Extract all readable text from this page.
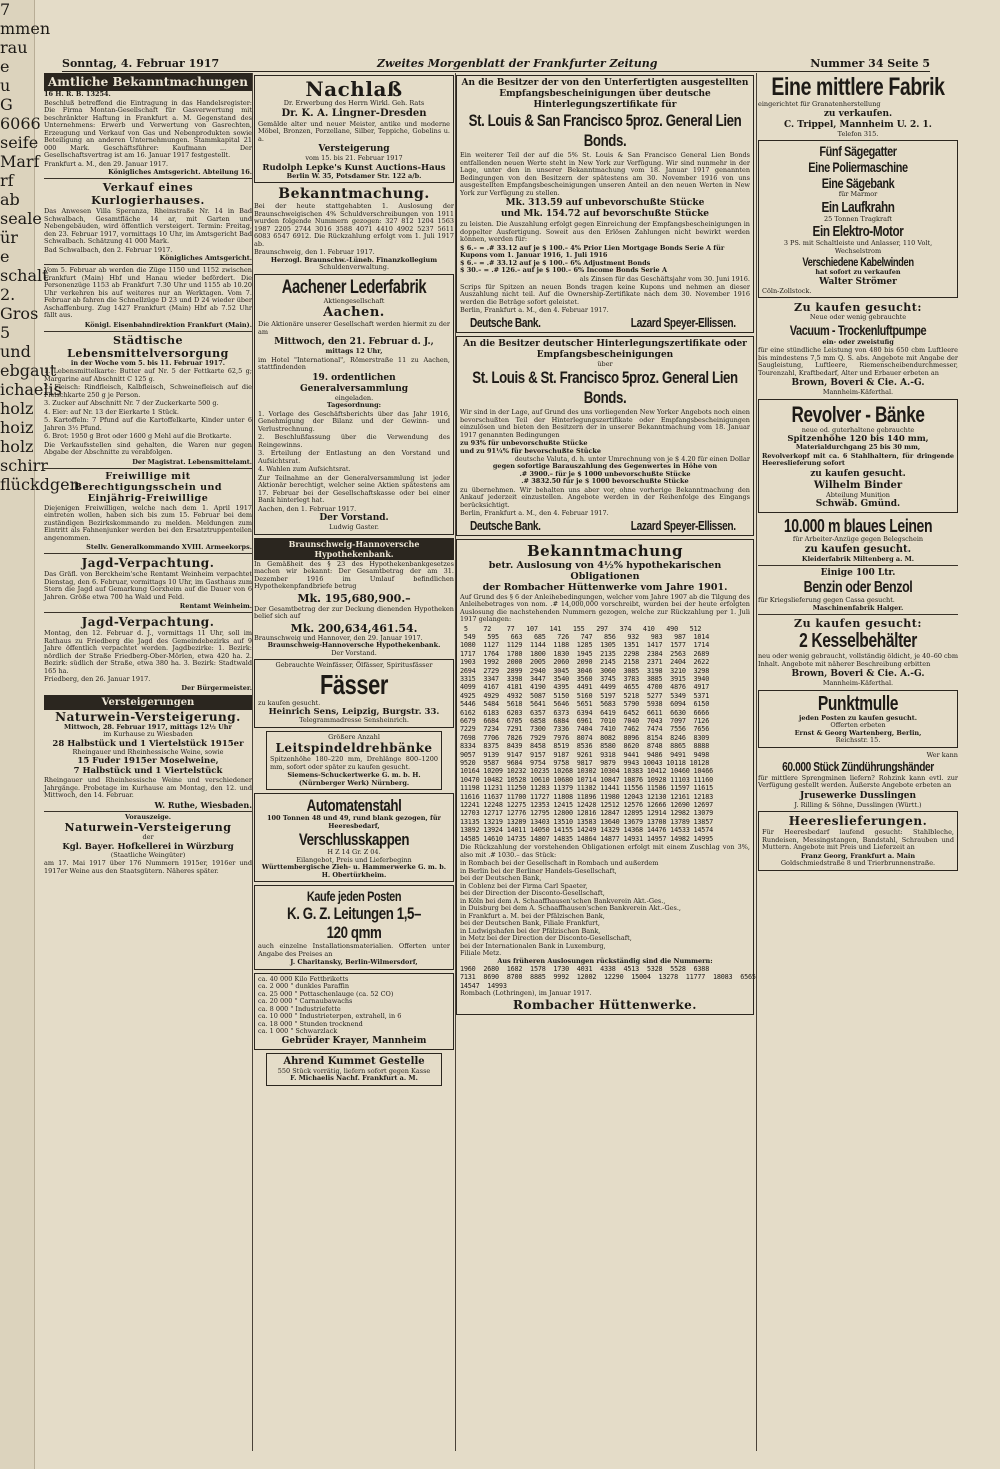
7
mmen
rau
e
u
G 6066
seife
Marf
rf ab
seale
ür
e
schalt
2. Gros
5 und
ebgaut
ichaelis
holz
hoiz
holz
schirr
flückdgen
Sonntag, 4. Februar 1917	Zweites Morgenblatt der Frankfurter Zeitung	Nummer 34 Seite 5
Amtliche Bekanntmachungen
16 H. R. B. 13254.
Beschluß betreffend die Eintragung in das Handelsregister: Die Firma Montan-Gesellschaft für Gasverwertung mit beschränkter Haftung in Frankfurt a. M. Gegenstand des Unternehmens: Erwerb und Verwertung von Gasrechten, Erzeugung und Verkauf von Gas und Nebenprodukten sowie Beteiligung an anderen Unternehmungen. Stammkapital 21 000 Mark. Geschäftsführer: Kaufmann ... Der Gesellschaftsvertrag ist am 16. Januar 1917 festgestellt.
Frankfurt a. M., den 29. Januar 1917.
Königliches Amtsgericht. Abteilung 16.
Verkauf eines Kurlogierhauses.
Das Anwesen Villa Speranza, Rheinstraße Nr. 14 in Bad Schwalbach, Gesamtfläche 14 ar, mit Garten und Nebengebäuden, wird öffentlich versteigert. Termin: Freitag, den 23. Februar 1917, vormittags 10 Uhr, im Amtsgericht Bad Schwalbach. Schätzung 41 000 Mark.
Bad Schwalbach, den 2. Februar 1917.
Königliches Amtsgericht.
Vom 5. Februar ab werden die Züge 1150 und 1152 zwischen Frankfurt (Main) Hbf und Hanau wieder befördert. Die Personenzüge 1153 ab Frankfurt 7.30 Uhr und 1155 ab 10.20 Uhr verkehren bis auf weiteres nur an Werktagen. Vom 7. Februar ab fahren die Schnellzüge D 23 und D 24 wieder über Aschaffenburg. Zug 1427 Frankfurt (Main) Hbf ab 7.52 Uhr fällt aus.
Königl. Eisenbahndirektion Frankfurt (Main).
Städtische Lebensmittelversorgung
in der Woche vom 5. bis 11. Februar 1917.
1. Lebensmittelkarte: Butter auf Nr. 5 der Fettkarte 62,5 g; Margarine auf Abschnitt C 125 g.
2. Fleisch: Rindfleisch, Kalbfleisch, Schweinefleisch auf die Fleischkarte 250 g je Person.
3. Zucker auf Abschnitt Nr. 7 der Zuckerkarte 500 g.
4. Eier: auf Nr. 13 der Eierkarte 1 Stück.
5. Kartoffeln: 7 Pfund auf die Kartoffelkarte, Kinder unter 6 Jahren 3½ Pfund.
6. Brot: 1950 g Brot oder 1600 g Mehl auf die Brotkarte.
Die Verkaufsstellen sind gehalten, die Waren nur gegen Abgabe der Abschnitte zu verabfolgen.
Der Magistrat. Lebensmittelamt.
Freiwillige mit Berechtigungsschein und Einjährig-Freiwillige
Diejenigen Freiwilligen, welche nach dem 1. April 1917 eintreten wollen, haben sich bis zum 15. Februar bei dem zuständigen Bezirkskommando zu melden. Meldungen zum Eintritt als Fahnenjunker werden bei den Ersatztruppenteilen angenommen.
Stellv. Generalkommando XVIII. Armeekorps.
Jagd-Verpachtung.
Das Gräfl. von Berckheim'sche Rentamt Weinheim verpachtet Dienstag, den 6. Februar, vormittags 10 Uhr, im Gasthaus zum Stern die Jagd auf Gemarkung Gorxheim auf die Dauer von 6 Jahren. Größe etwa 700 ha Wald und Feld.
Rentamt Weinheim.
Jagd-Verpachtung.
Montag, den 12. Februar d. J., vormittags 11 Uhr, soll im Rathaus zu Friedberg die Jagd des Gemeindebezirks auf 9 Jahre öffentlich verpachtet werden. Jagdbezirke: 1. Bezirk: nördlich der Straße Friedberg-Ober-Mörlen, etwa 420 ha. 2. Bezirk: südlich der Straße, etwa 380 ha. 3. Bezirk: Stadtwald 165 ha.
Friedberg, den 26. Januar 1917.
Der Bürgermeister.
Versteigerungen
Naturwein-Versteigerung.
Mittwoch, 28. Februar 1917, mittags 12½ Uhr
im Kurhause zu Wiesbaden
28 Halbstück und 1 Viertelstück 1915er
Rheingauer und Rheinhessische Weine, sowie
15 Fuder 1915er Moselweine,
7 Halbstück und 1 Viertelstück
Rheingauer und Rheinhessische Weine und verschiedener Jahrgänge. Probetage im Kurhause am Montag, den 12. und Mittwoch, den 14. Februar.
W. Ruthe, Wiesbaden.
Vorauszeige.
Naturwein-Versteigerung
der
Kgl. Bayer. Hofkellerei in Würzburg
(Staatliche Weingüter)
am 17. Mai 1917 über 176 Nummern 1915er, 1916er und 1917er Weine aus den Staatsgütern. Näheres später.
Nachlaß
Dr. Erwerbung des Herrn Wirkl. Geh. Rats
Dr. K. A. Lingner-Dresden
Gemälde alter und neuer Meister, antike und moderne Möbel, Bronzen, Porzellane, Silber, Teppiche, Gobelins u. a.
Versteigerung
vom 15. bis 21. Februar 1917
Rudolph Lepke's Kunst Auctions-Haus
Berlin W. 35, Potsdamer Str. 122 a/b.
Bekanntmachung.
Bei der heute stattgehabten 1. Auslosung der Braunschweigischen 4% Schuldverschreibungen von 1911 wurden folgende Nummern gezogen: 327 812 1204 1563 1987 2205 2744 3016 3588 4071 4410 4902 5237 5611 6083 6547 6912. Die Rückzahlung erfolgt vom 1. Juli 1917 ab.
Braunschweig, den 1. Februar 1917.
Herzogl. Braunschw.-Lüneb. Finanzkollegium
Schuldenverwaltung.
Aachener Lederfabrik
Aktiengesellschaft
Aachen.
Die Aktionäre unserer Gesellschaft werden hiermit zu der am
Mittwoch, den 21. Februar d. J.,
mittags 12 Uhr,
im Hotel "International", Römerstraße 11 zu Aachen, stattfindenden
19. ordentlichen Generalversammlung
eingeladen.
Tagesordnung:
1. Vorlage des Geschäftsberichts über das Jahr 1916, Genehmigung der Bilanz und der Gewinn- und Verlustrechnung.
2. Beschlußfassung über die Verwendung des Reingewinns.
3. Erteilung der Entlastung an den Vorstand und Aufsichtsrat.
4. Wahlen zum Aufsichtsrat.
Zur Teilnahme an der Generalversammlung ist jeder Aktionär berechtigt, welcher seine Aktien spätestens am 17. Februar bei der Gesellschaftskasse oder bei einer Bank hinterlegt hat.
Aachen, den 1. Februar 1917.
Der Vorstand.
Ludwig Gaster.
Braunschweig-Hannoversche Hypothekenbank.
In Gemäßheit des § 23 des Hypothekenbankgesetzes machen wir bekannt: Der Gesamtbetrag der am 31. Dezember 1916 im Umlauf befindlichen Hypothekenpfandbriefe betrug
Mk. 195,680,900.–
Der Gesamtbetrag der zur Deckung dienenden Hypotheken belief sich auf
Mk. 200,634,461.54.
Braunschweig und Hannover, den 29. Januar 1917.
Braunschweig-Hannoversche Hypothekenbank.
Der Vorstand.
Gebrauchte Weinfässer, Ölfässer, Spiritusfässer
Fässer
zu kaufen gesucht.
Heinrich Sens, Leipzig, Burgstr. 33.
Telegrammadresse Sensheinrich.
Größere Anzahl
Leitspindeldrehbänke
Spitzenhöhe 180–220 mm, Drehlänge 800–1200 mm, sofort oder später zu kaufen gesucht.
Siemens-Schuckertwerke G. m. b. H. (Nürnberger Werk) Nürnberg.
Automatenstahl
100 Tonnen 48 und 49, rund blank gezogen, für Heeresbedarf,
Verschlusskappen
H Z 14 Gr. Z 04.
Eilangebot, Preis und Lieferbeginn
Württembergische Zieh- u. Hammerwerke G. m. b. H. Obertürkheim.
Kaufe jeden Posten
K. G. Z. Leitungen 1,5–120 qmm
auch einzelne Installationsmaterialien. Offerten unter Angabe des Preises an
J. Charitansky, Berlin-Wilmersdorf,
ca. 40 000 Kilo Fettbriketts
ca. 2 000 " dunkles Paraffin
ca. 25 000 " Pottaschenlauge (ca. 52 CO)
ca. 20 000 " Carnaubawachs
ca. 8 000 " Industriefette
ca. 10 000 " Industrieterpen, extrahell, in 6
ca. 18 000 " Stunden trocknend
ca. 1 000 " Schwarzlack
Gebrüder Krayer, Mannheim
Ahrend Kummet Gestelle
550 Stück vorrätig, liefern sofort gegen Kasse
F. Michaelis Nachf. Frankfurt a. M.
An die Besitzer der von den Unterfertigten ausgestellten Empfangsbescheinigungen über deutsche Hinterlegungszertifikate für
St. Louis & San Francisco 5proz. General Lien Bonds.
Ein weiterer Teil der auf die 5% St. Louis & San Francisco General Lien Bonds entfallenden neuen Werte steht in New York zur Verfügung. Wir sind nunmehr in der Lage, unter den in unserer Bekanntmachung vom 18. Januar 1917 genannten Bedingungen von den Besitzern der spätestens am 30. November 1916 von uns ausgestellten Empfangsbescheinigungen unseren Anteil an den neuen Werten in New York zur Verfügung zu stellen.
Mk. 313.59 auf unbevorschußte Stücke
und Mk. 154.72 auf bevorschußte Stücke
zu leisten. Die Auszahlung erfolgt gegen Einreichung der Empfangsbescheinigungen in doppelter Ausfertigung. Soweit aus den Erlösen Zahlungen nicht bewirkt werden können, werden für:
$ 6.– = .# 33.12 auf je $ 100.– 4% Prior Lien Mortgage Bonds Serie A für Kupons vom 1. Januar 1916, 1. Juli 1916
$ 6.– = .# 33.12 auf je $ 100.– 6% Adjustment Bonds
$ 30.– = .# 126.– auf je $ 100.– 6% Income Bonds Serie A
als Zinsen für das Geschäftsjahr vom 30. Juni 1916.
Scrips für Spitzen an neuen Bonds tragen keine Kupons und nehmen an dieser Auszahlung nicht teil. Auf die Ownership-Zertifikate nach dem 30. November 1916 werden die Beträge sofort geleistet.
Berlin, Frankfurt a. M., den 4. Februar 1917.
Deutsche Bank.	Lazard Speyer-Ellissen.
An die Besitzer deutscher Hinterlegungszertifikate oder Empfangsbescheinigungen
über
St. Louis & St. Francisco 5proz. General Lien Bonds.
Wir sind in der Lage, auf Grund des uns vorliegenden New Yorker Angebots noch einen bevorschußten Teil der Hinterlegungszertifikate oder Empfangsbescheinigungen einzulösen und bieten den Besitzern der in unserer Bekanntmachung vom 18. Januar 1917 genannten Bedingungen
zu 93% für unbevorschußte Stücke
und zu 91¼% für bevorschußte Stücke
deutsche Valuta, d. h. unter Umrechnung von je $ 4.20 für einen Dollar
gegen sofortige Barauszahlung des Gegenwertes in Höhe von
.# 3900.– für je $ 1000 unbevorschußte Stücke
.# 3832.50 für je $ 1000 bevorschußte Stücke
zu übernehmen. Wir behalten uns aber vor, ohne vorherige Bekanntmachung den Ankauf jederzeit einzustellen. Angebote werden in der Reihenfolge des Eingangs berücksichtigt.
Berlin, Frankfurt a. M., den 4. Februar 1917.
Deutsche Bank.	Lazard Speyer-Ellissen.
Bekanntmachung
betr. Auslosung von 4½% hypothekarischen Obligationen
der Rombacher Hüttenwerke vom Jahre 1901.
Auf Grund des § 6 der Anleihebedingungen, welcher vom Jahre 1907 ab die Tilgung des Anleihebetrages von nom. .# 14,000,000 vorschreibt, wurden bei der heute erfolgten Auslosung die nachstehenden Nummern gezogen, welche zur Rückzahlung per 1. Juli 1917 gelangen:
5    72    77   107   141   155   297   374   410   490   512
549   595   663   685   726   747   856   932   983   987  1014
1080  1127  1129  1144  1188  1285  1305  1351  1417  1577  1714
1717  1764  1780  1800  1830  1945  2135  2298  2384  2563  2689
1903  1992  2000  2005  2060  2090  2145  2158  2371  2404  2622
2694  2729  2899  2940  3045  3046  3060  3085  3198  3210  3298
3315  3347  3398  3447  3540  3560  3745  3783  3885  3915  3940
4099  4167  4181  4190  4395  4491  4499  4655  4700  4876  4917
4925  4929  4932  5087  5150  5160  5197  5218  5277  5349  5371
5446  5484  5618  5641  5646  5651  5683  5790  5938  6094  6150
6162  6183  6203  6357  6373  6394  6419  6452  6611  6630  6666
6679  6684  6705  6858  6884  6961  7010  7040  7043  7097  7126
7229  7234  7291  7300  7336  7404  7410  7462  7474  7556  7656
7698  7706  7826  7929  7976  8074  8082  8096  8154  8246  8309
8334  8375  8439  8458  8519  8536  8580  8620  8748  8865  8888
9057  9139  9147  9157  9187  9261  9318  9441  9486  9491  9498
9520  9587  9684  9754  9758  9817  9879  9943 10043 10118 10128
10164 10209 10232 10235 10268 10302 10304 10383 10412 10460 10466
10470 10482 10528 10610 10680 10714 10847 10876 10928 11103 11160
11198 11231 11250 11283 11379 11382 11441 11556 11586 11597 11615
11616 11637 11700 11727 11808 11896 11980 12043 12130 12161 12183
12241 12248 12275 12353 12415 12428 12512 12576 12666 12690 12697
12703 12717 12776 12795 12800 12816 12847 12895 12914 12982 13079
13135 13219 13289 13403 13510 13583 13640 13679 13708 13789 13857
13892 13924 14011 14050 14155 14249 14329 14368 14476 14533 14574
14585 14610 14735 14807 14835 14864 14877 14931 14957 14982 14995
Die Rückzahlung der vorstehenden Obligationen erfolgt mit einem Zuschlag von 3%, also mit .# 1030.– das Stück:
in Rombach bei der Gesellschaft in Rombach und außerdem
in Berlin bei der Berliner Handels-Gesellschaft,
bei der Deutschen Bank,
in Coblenz bei der Firma Carl Spaeter,
bei der Direction der Disconto-Gesellschaft,
in Köln bei dem A. Schaaffhausen'schen Bankverein Akt.-Ges.,
in Duisburg bei dem A. Schaaffhausen'schen Bankverein Akt.-Ges.,
in Frankfurt a. M. bei der Pfälzischen Bank,
bei der Deutschen Bank, Filiale Frankfurt,
in Ludwigshafen bei der Pfälzischen Bank,
in Metz bei der Direction der Disconto-Gesellschaft,
bei der Internationalen Bank in Luxemburg,
Filiale Metz.
Aus früheren Auslosungen rückständig sind die Nummern:
1960  2680  1682  1578  1730  4031  4338  4513  5328  5528  6388
7131  8690  8700  8885  9992  12002  12290  15004  13278  11777  18083  6565
14547  14993
Rombach (Lothringen), im Januar 1917.
Rombacher Hüttenwerke.
Eine mittlere Fabrik
eingerichtet für Granatenherstellung
zu verkaufen.
C. Trippel, Mannheim U. 2. 1.
Telefon 315.
Fünf Sägegatter
Eine Poliermaschine
Eine Sägebank
für Marmor
Ein Laufkrahn
25 Tonnen Tragkraft
Ein Elektro-Motor
3 PS. mit Schaltleiste und Anlasser, 110 Volt, Wechselstrom
Verschiedene Kabelwinden
hat sofort zu verkaufen
Walter Strömer
Cöln-Zollstock.
Zu kaufen gesucht:
Neue oder wenig gebrauchte
Vacuum - Trockenluftpumpe
ein- oder zweistufig
für eine stündliche Leistung von 480 bis 650 cbm Luftleere bis mindestens 7,5 mm Q. S. abs. Angebote mit Angabe der Saugleistung, Luftleere, Riemenscheibendurchmesser, Tourenzahl, Kraftbedarf, Alter und Erbauer erbeten an
Brown, Boveri & Cie. A.-G.
Mannheim-Käferthal.
Revolver - Bänke
neue od. guterhaltene gebrauchte
Spitzenhöhe 120 bis 140 mm,
Materialdurchgang 25 bis 30 mm,
Revolverkopf mit ca. 6 Stahlhaltern, für dringende Heereslieferung sofort
zu kaufen gesucht.
Wilhelm Binder
Abteilung Munition
Schwäb. Gmünd.
10.000 m blaues Leinen
für Arbeiter-Anzüge gegen Belegschein
zu kaufen gesucht.
Kleiderfabrik Miltenberg a. M.
Einige 100 Ltr.
Benzin oder Benzol
für Kriegslieferung gegen Cassa gesucht.
Maschinenfabrik Halger.
Zu kaufen gesucht:
2 Kesselbehälter
neu oder wenig gebraucht, vollständig öldicht, je 40–60 cbm Inhalt. Angebote mit näherer Beschreibung erbitten
Brown, Boveri & Cie. A.-G.
Mannheim-Käferthal.
Punktmulle
jeden Posten zu kaufen gesucht.
Offerten erbeten
Ernst & Georg Wartenberg, Berlin,
Reichsstr. 15.
Wer kann
60.000 Stück Zündührungshänder
für mittlere Sprengminen liefern? Rohzink kann evtl. zur Verfügung gestellt werden. Äußerste Angebote erbeten an
Jrusewerke Dusslingen
J. Rilling & Söhne, Dusslingen (Württ.)
Heereslieferungen.
Für Heeresbedarf laufend gesucht: Stahlbleche, Rundeisen, Messingstangen, Bandstahl, Schrauben und Muttern. Angebote mit Preis und Lieferzeit an
Franz Georg, Frankfurt a. Main
Goldschmiedstraße 8 und Trierbrunnenstraße.
